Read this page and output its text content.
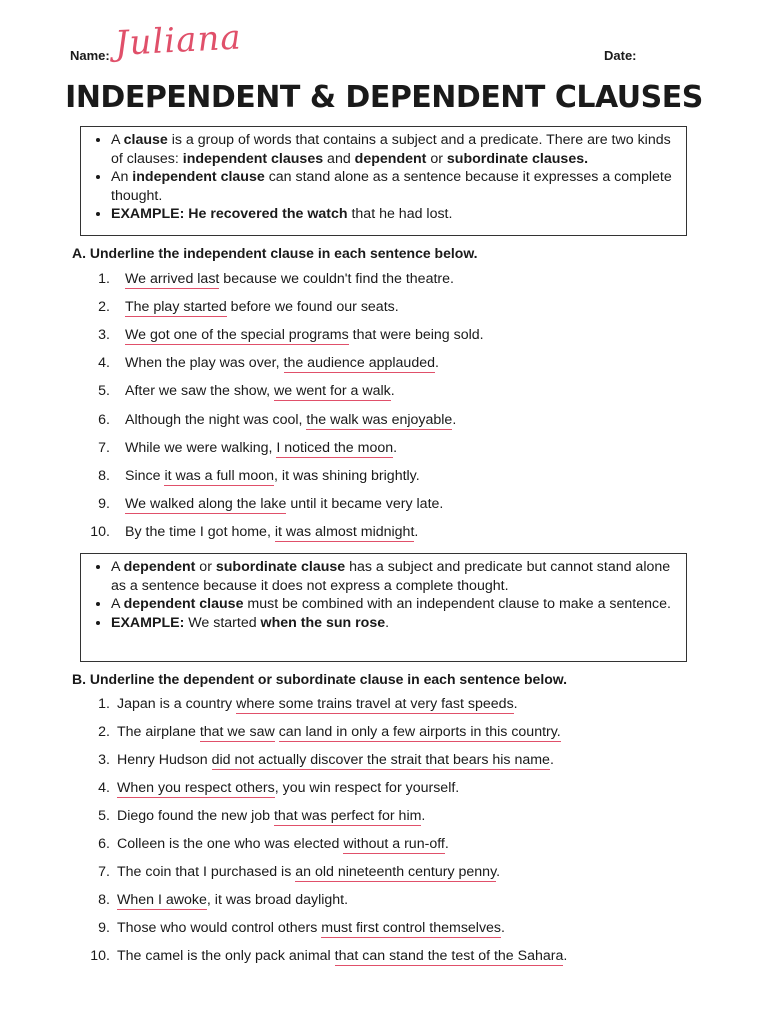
Name: Juliana	Date:
INDEPENDENT & DEPENDENT CLAUSES
• A clause is a group of words that contains a subject and a predicate. There are two kinds of clauses: independent clauses and dependent or subordinate clauses.
• An independent clause can stand alone as a sentence because it expresses a complete thought.
• EXAMPLE: He recovered the watch that he had lost.
A. Underline the independent clause in each sentence below.
1. We arrived last because we couldn't find the theatre.
2. The play started before we found our seats.
3. We got one of the special programs that were being sold.
4. When the play was over, the audience applauded.
5. After we saw the show, we went for a walk.
6. Although the night was cool, the walk was enjoyable.
7. While we were walking, I noticed the moon.
8. Since it was a full moon, it was shining brightly.
9. We walked along the lake until it became very late.
10. By the time I got home, it was almost midnight.
• A dependent or subordinate clause has a subject and predicate but cannot stand alone as a sentence because it does not express a complete thought.
• A dependent clause must be combined with an independent clause to make a sentence.
• EXAMPLE: We started when the sun rose.
B. Underline the dependent or subordinate clause in each sentence below.
1. Japan is a country where some trains travel at very fast speeds.
2. The airplane that we saw can land in only a few airports in this country.
3. Henry Hudson did not actually discover the strait that bears his name.
4. When you respect others, you win respect for yourself.
5. Diego found the new job that was perfect for him.
6. Colleen is the one who was elected without a run-off.
7. The coin that I purchased is an old nineteenth century penny.
8. When I awoke, it was broad daylight.
9. Those who would control others must first control themselves.
10. The camel is the only pack animal that can stand the test of the Sahara.
